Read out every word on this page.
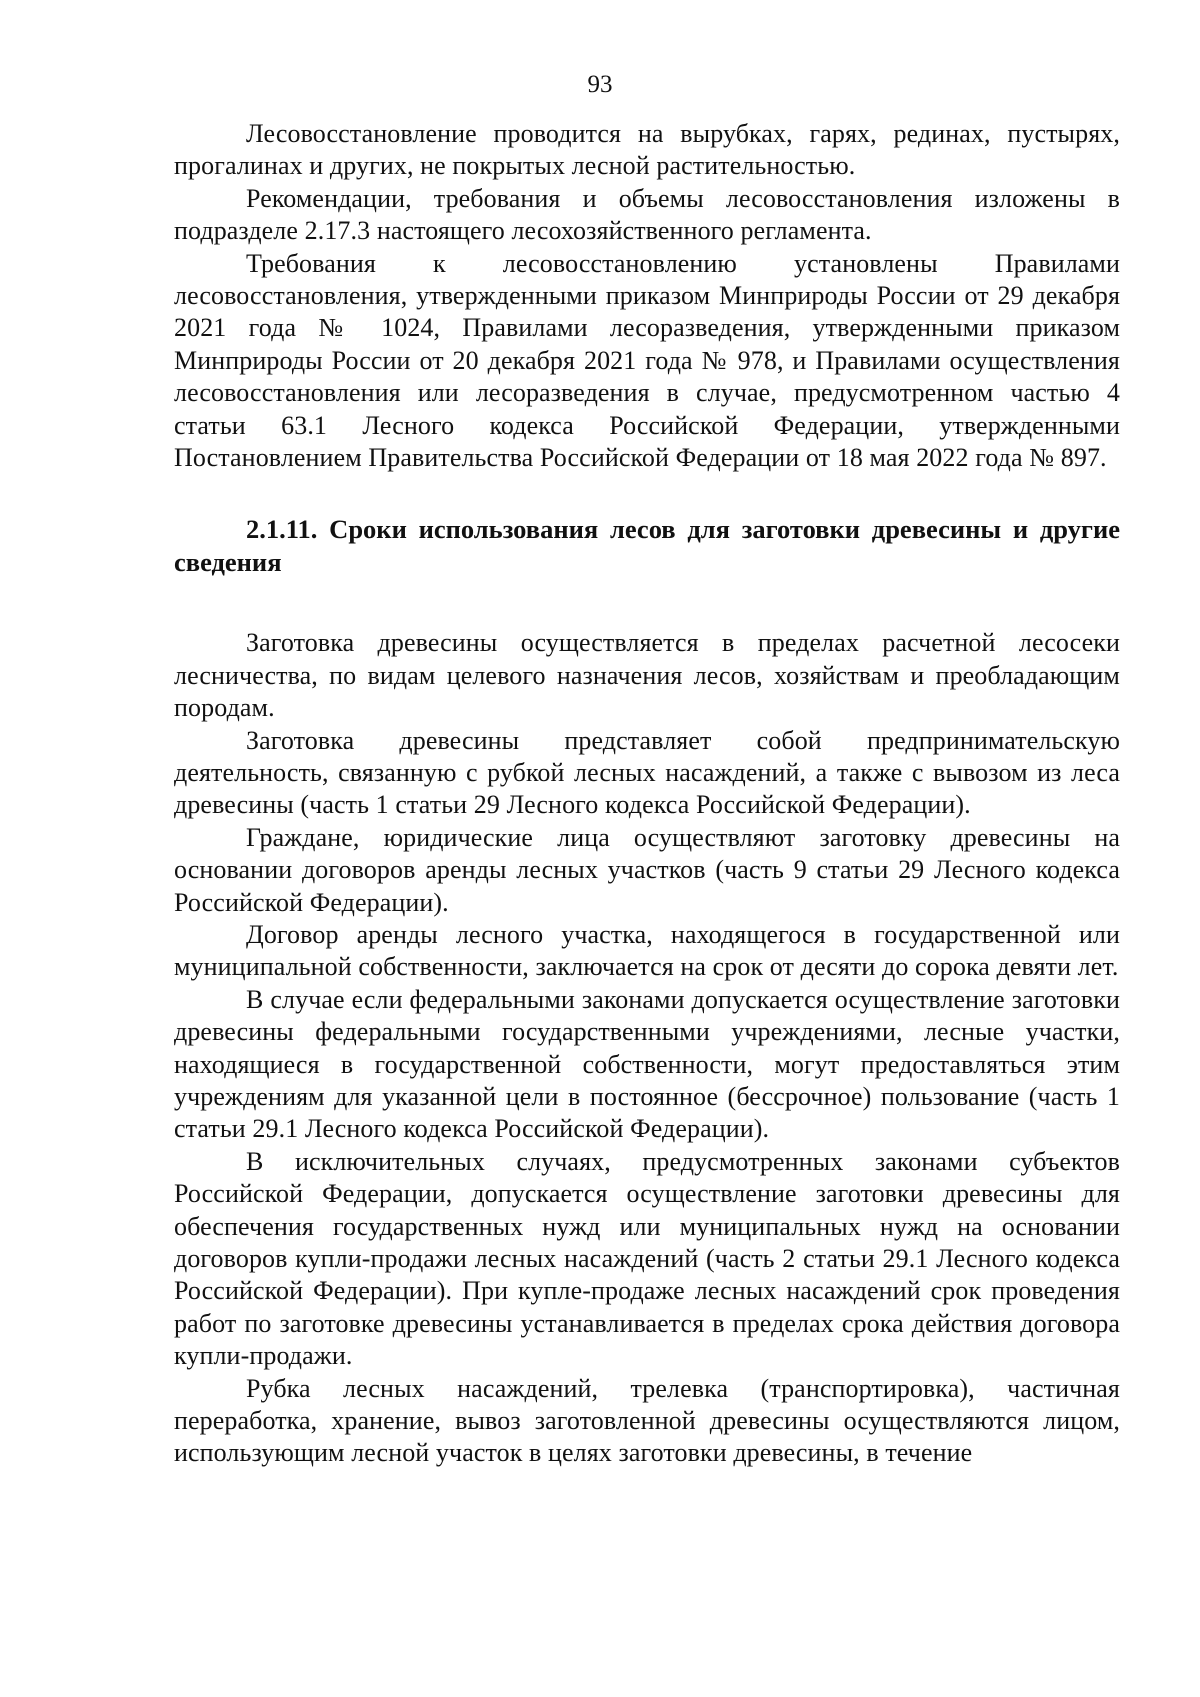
93

Лесовосстановление проводится на вырубках, гарях, рединах, пустырях, прогалинах и других, не покрытых лесной растительностью.

Рекомендации, требования и объемы лесовосстановления изложены в подразделе 2.17.3 настоящего лесохозяйственного регламента.

Требования к лесовосстановлению установлены Правилами лесовосстановления, утвержденными приказом Минприроды России от 29 декабря 2021 года № 1024, Правилами лесоразведения, утвержденными приказом Минприроды России от 20 декабря 2021 года № 978, и Правилами осуществления лесовосстановления или лесоразведения в случае, предусмотренном частью 4 статьи 63.1 Лесного кодекса Российской Федерации, утвержденными Постановлением Правительства Российской Федерации от 18 мая 2022 года № 897.

2.1.11. Сроки использования лесов для заготовки древесины и другие сведения

Заготовка древесины осуществляется в пределах расчетной лесосеки лесничества, по видам целевого назначения лесов, хозяйствам и преобладающим породам.

Заготовка древесины представляет собой предпринимательскую деятельность, связанную с рубкой лесных насаждений, а также с вывозом из леса древесины (часть 1 статьи 29 Лесного кодекса Российской Федерации).

Граждане, юридические лица осуществляют заготовку древесины на основании договоров аренды лесных участков (часть 9 статьи 29 Лесного кодекса Российской Федерации).

Договор аренды лесного участка, находящегося в государственной или муниципальной собственности, заключается на срок от десяти до сорока девяти лет.

В случае если федеральными законами допускается осуществление заготовки древесины федеральными государственными учреждениями, лесные участки, находящиеся в государственной собственности, могут предоставляться этим учреждениям для указанной цели в постоянное (бессрочное) пользование (часть 1 статьи 29.1 Лесного кодекса Российской Федерации).

В исключительных случаях, предусмотренных законами субъектов Российской Федерации, допускается осуществление заготовки древесины для обеспечения государственных нужд или муниципальных нужд на основании договоров купли-продажи лесных насаждений (часть 2 статьи 29.1 Лесного кодекса Российской Федерации). При купле-продаже лесных насаждений срок проведения работ по заготовке древесины устанавливается в пределах срока действия договора купли-продажи.

Рубка лесных насаждений, трелевка (транспортировка), частичная переработка, хранение, вывоз заготовленной древесины осуществляются лицом, использующим лесной участок в целях заготовки древесины, в течение
